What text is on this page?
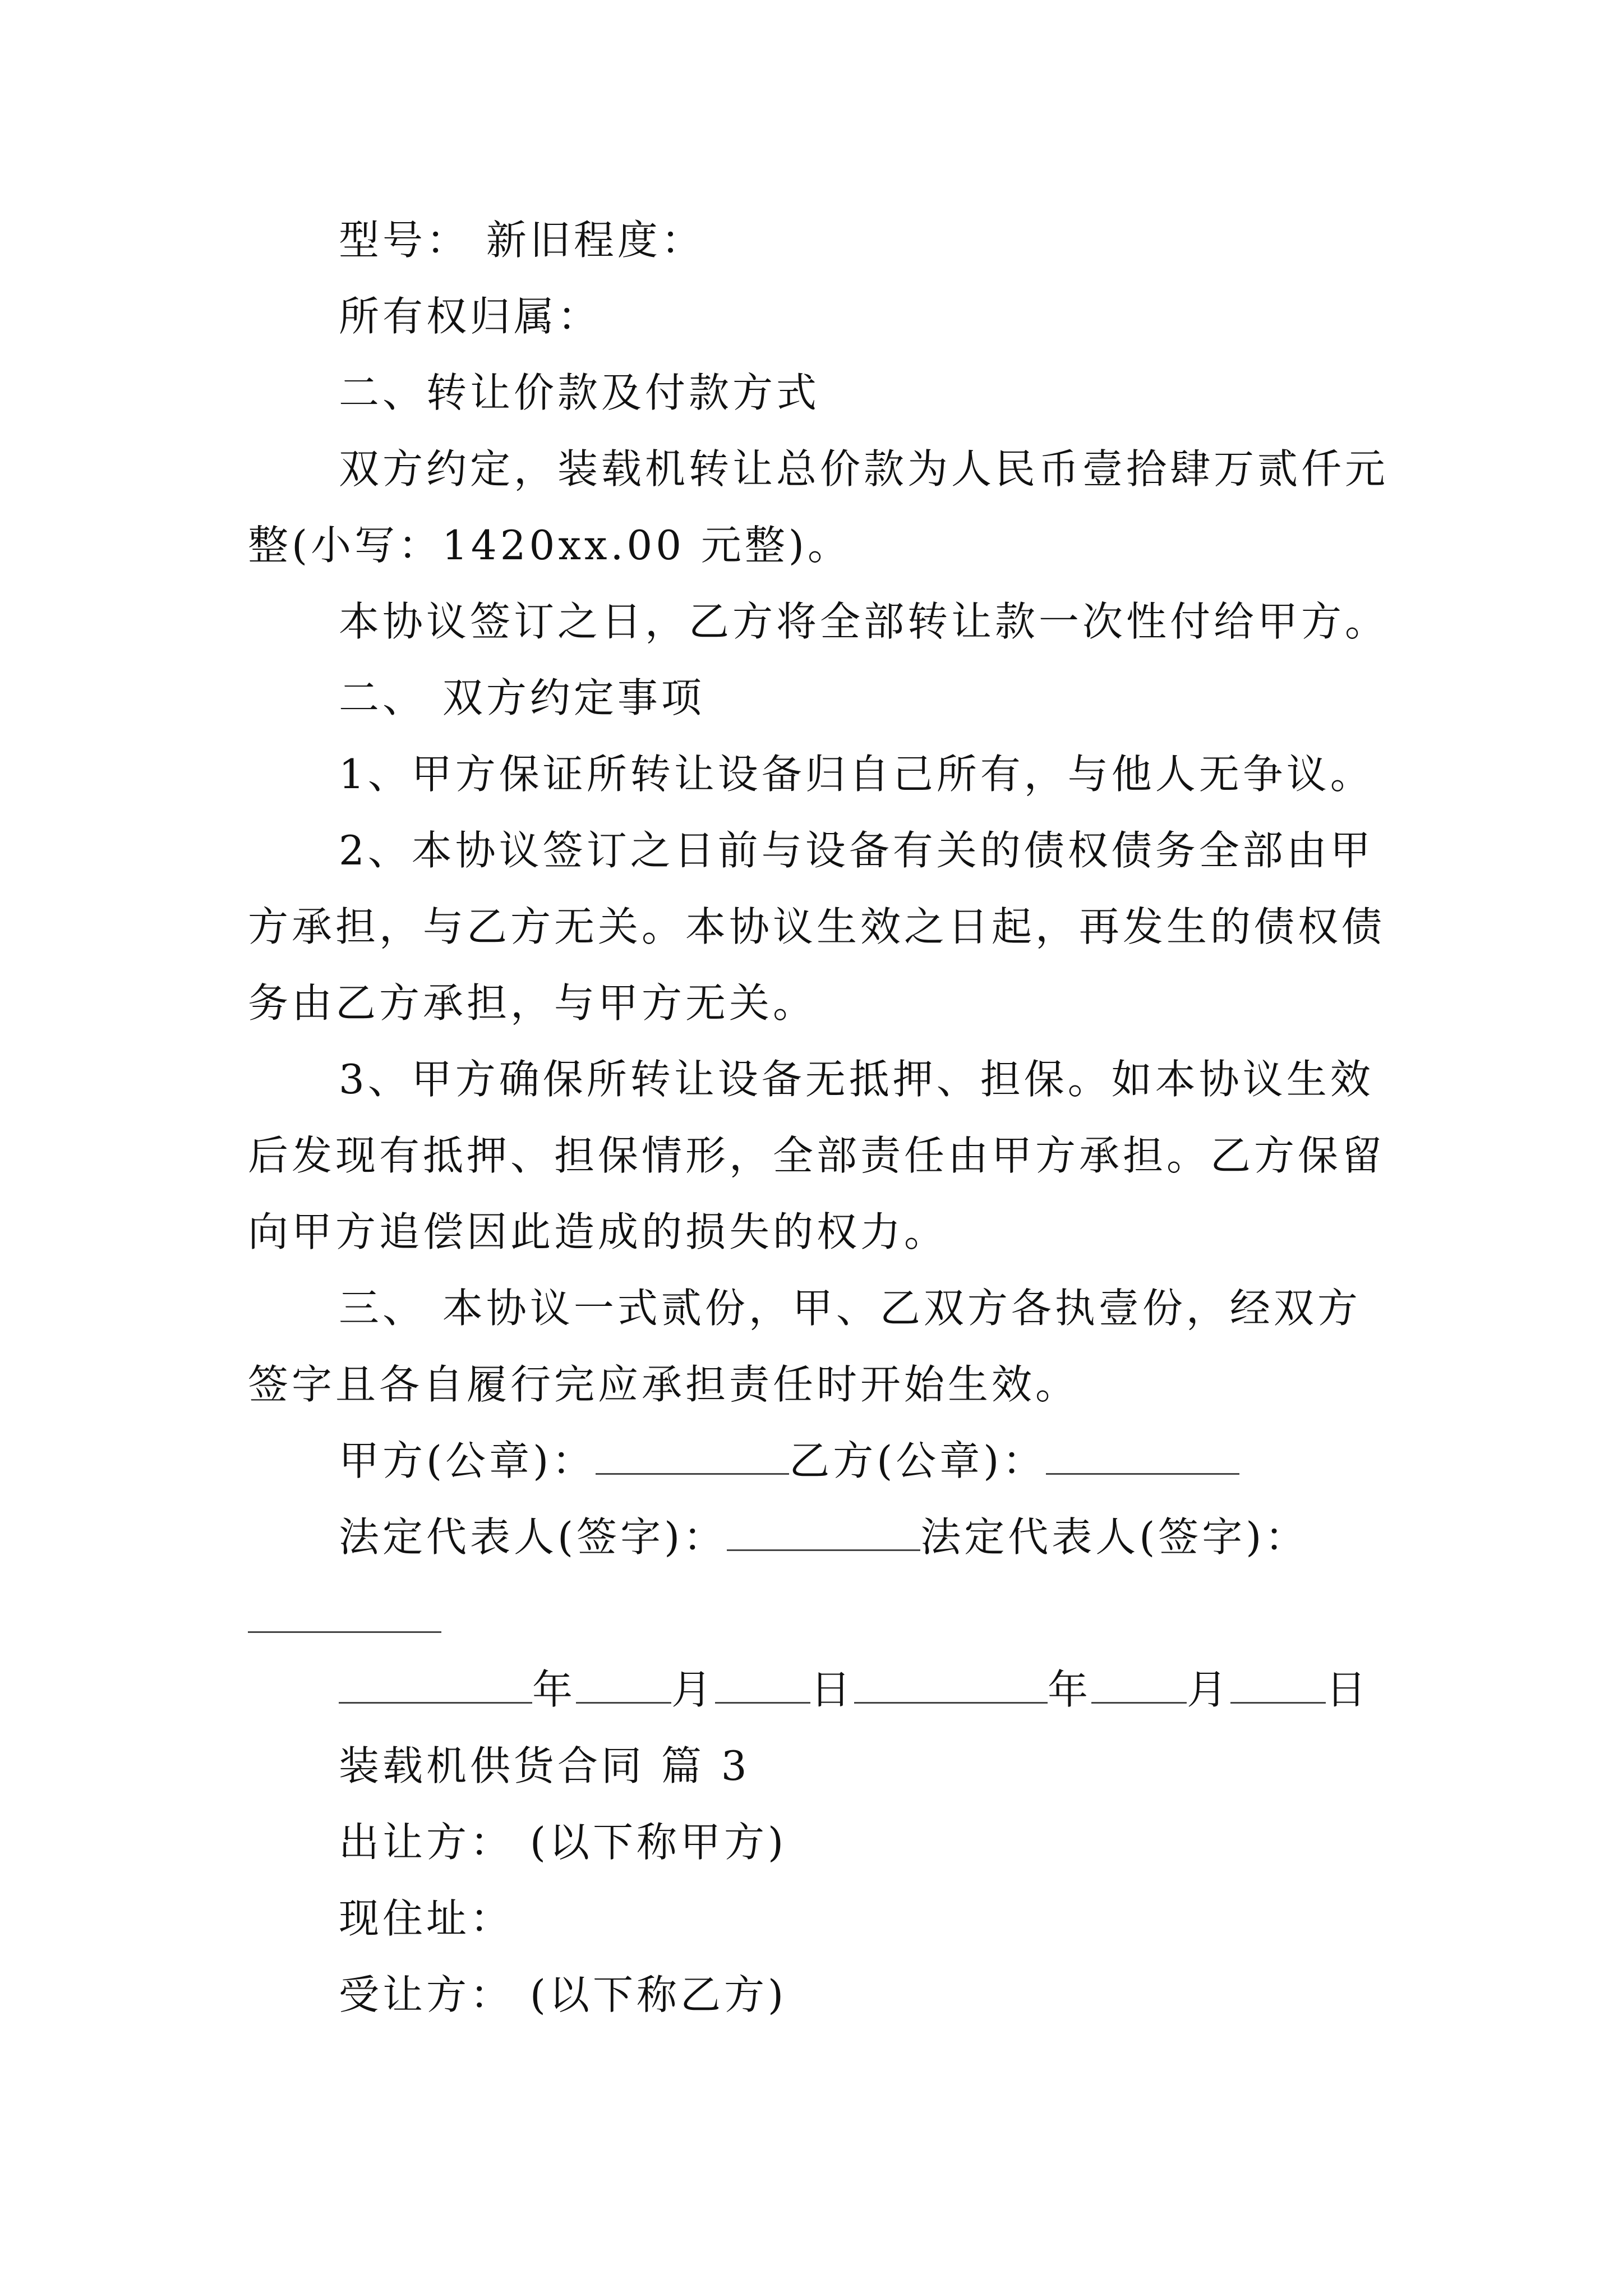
型号： 新旧程度：

所有权归属：

二、转让价款及付款方式

双方约定，装载机转让总价款为人民币壹拾肆万贰仟元整(小写：1420xx.00 元整)。

本协议签订之日，乙方将全部转让款一次性付给甲方。

二、 双方约定事项

1、甲方保证所转让设备归自己所有，与他人无争议。

2、本协议签订之日前与设备有关的债权债务全部由甲方承担，与乙方无关。本协议生效之日起，再发生的债权债务由乙方承担，与甲方无关。

3、甲方确保所转让设备无抵押、担保。如本协议生效后发现有抵押、担保情形，全部责任由甲方承担。乙方保留向甲方追偿因此造成的损失的权力。

三、 本协议一式贰份，甲、乙双方各执壹份，经双方签字且各自履行完应承担责任时开始生效。

甲方(公章)：	乙方(公章)：

法定代表人(签字)：	法定代表人(签字)：

年 月 日	年 月 日

装载机供货合同 篇 3

出让方： (以下称甲方)

现住址：

受让方： (以下称乙方)
